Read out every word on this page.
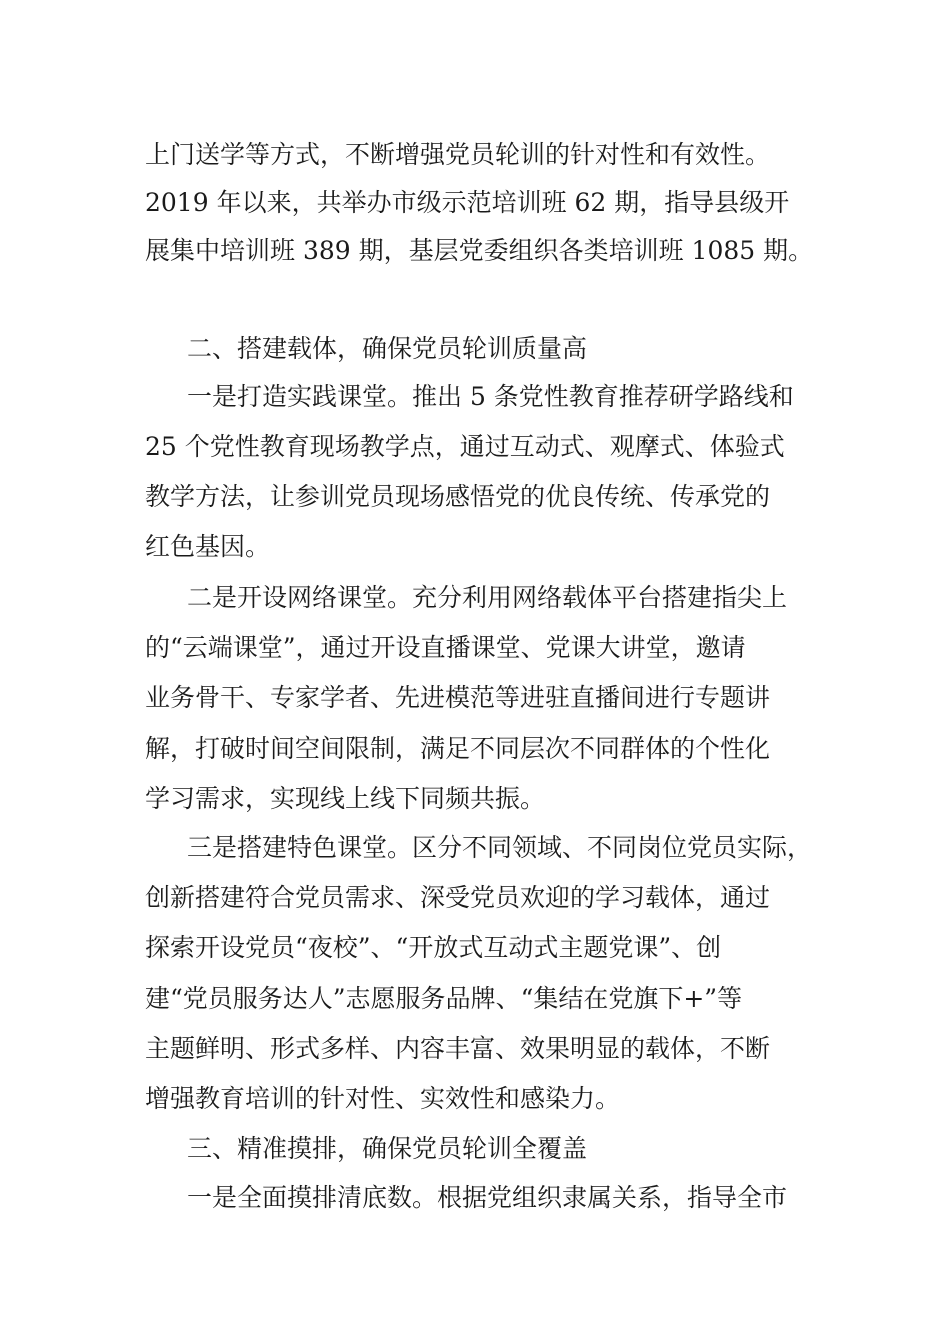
上门送学等方式，不断增强党员轮训的针对性和有效性。
2019 年以来，共举办市级示范培训班 62 期，指导县级开
展集中培训班 389 期，基层党委组织各类培训班 1085 期。
二、搭建载体，确保党员轮训质量高
一是打造实践课堂。推出 5 条党性教育推荐研学路线和
25 个党性教育现场教学点，通过互动式、观摩式、体验式
教学方法，让参训党员现场感悟党的优良传统、传承党的
红色基因。
二是开设网络课堂。充分利用网络载体平台搭建指尖上
的“云端课堂”，通过开设直播课堂、党课大讲堂，邀请
业务骨干、专家学者、先进模范等进驻直播间进行专题讲
解，打破时间空间限制，满足不同层次不同群体的个性化
学习需求，实现线上线下同频共振。
三是搭建特色课堂。区分不同领域、不同岗位党员实际，
创新搭建符合党员需求、深受党员欢迎的学习载体，通过
探索开设党员“夜校”、“开放式互动式主题党课”、创
建“党员服务达人”志愿服务品牌、“集结在党旗下+”等
主题鲜明、形式多样、内容丰富、效果明显的载体，不断
增强教育培训的针对性、实效性和感染力。
三、精准摸排，确保党员轮训全覆盖
一是全面摸排清底数。根据党组织隶属关系，指导全市
